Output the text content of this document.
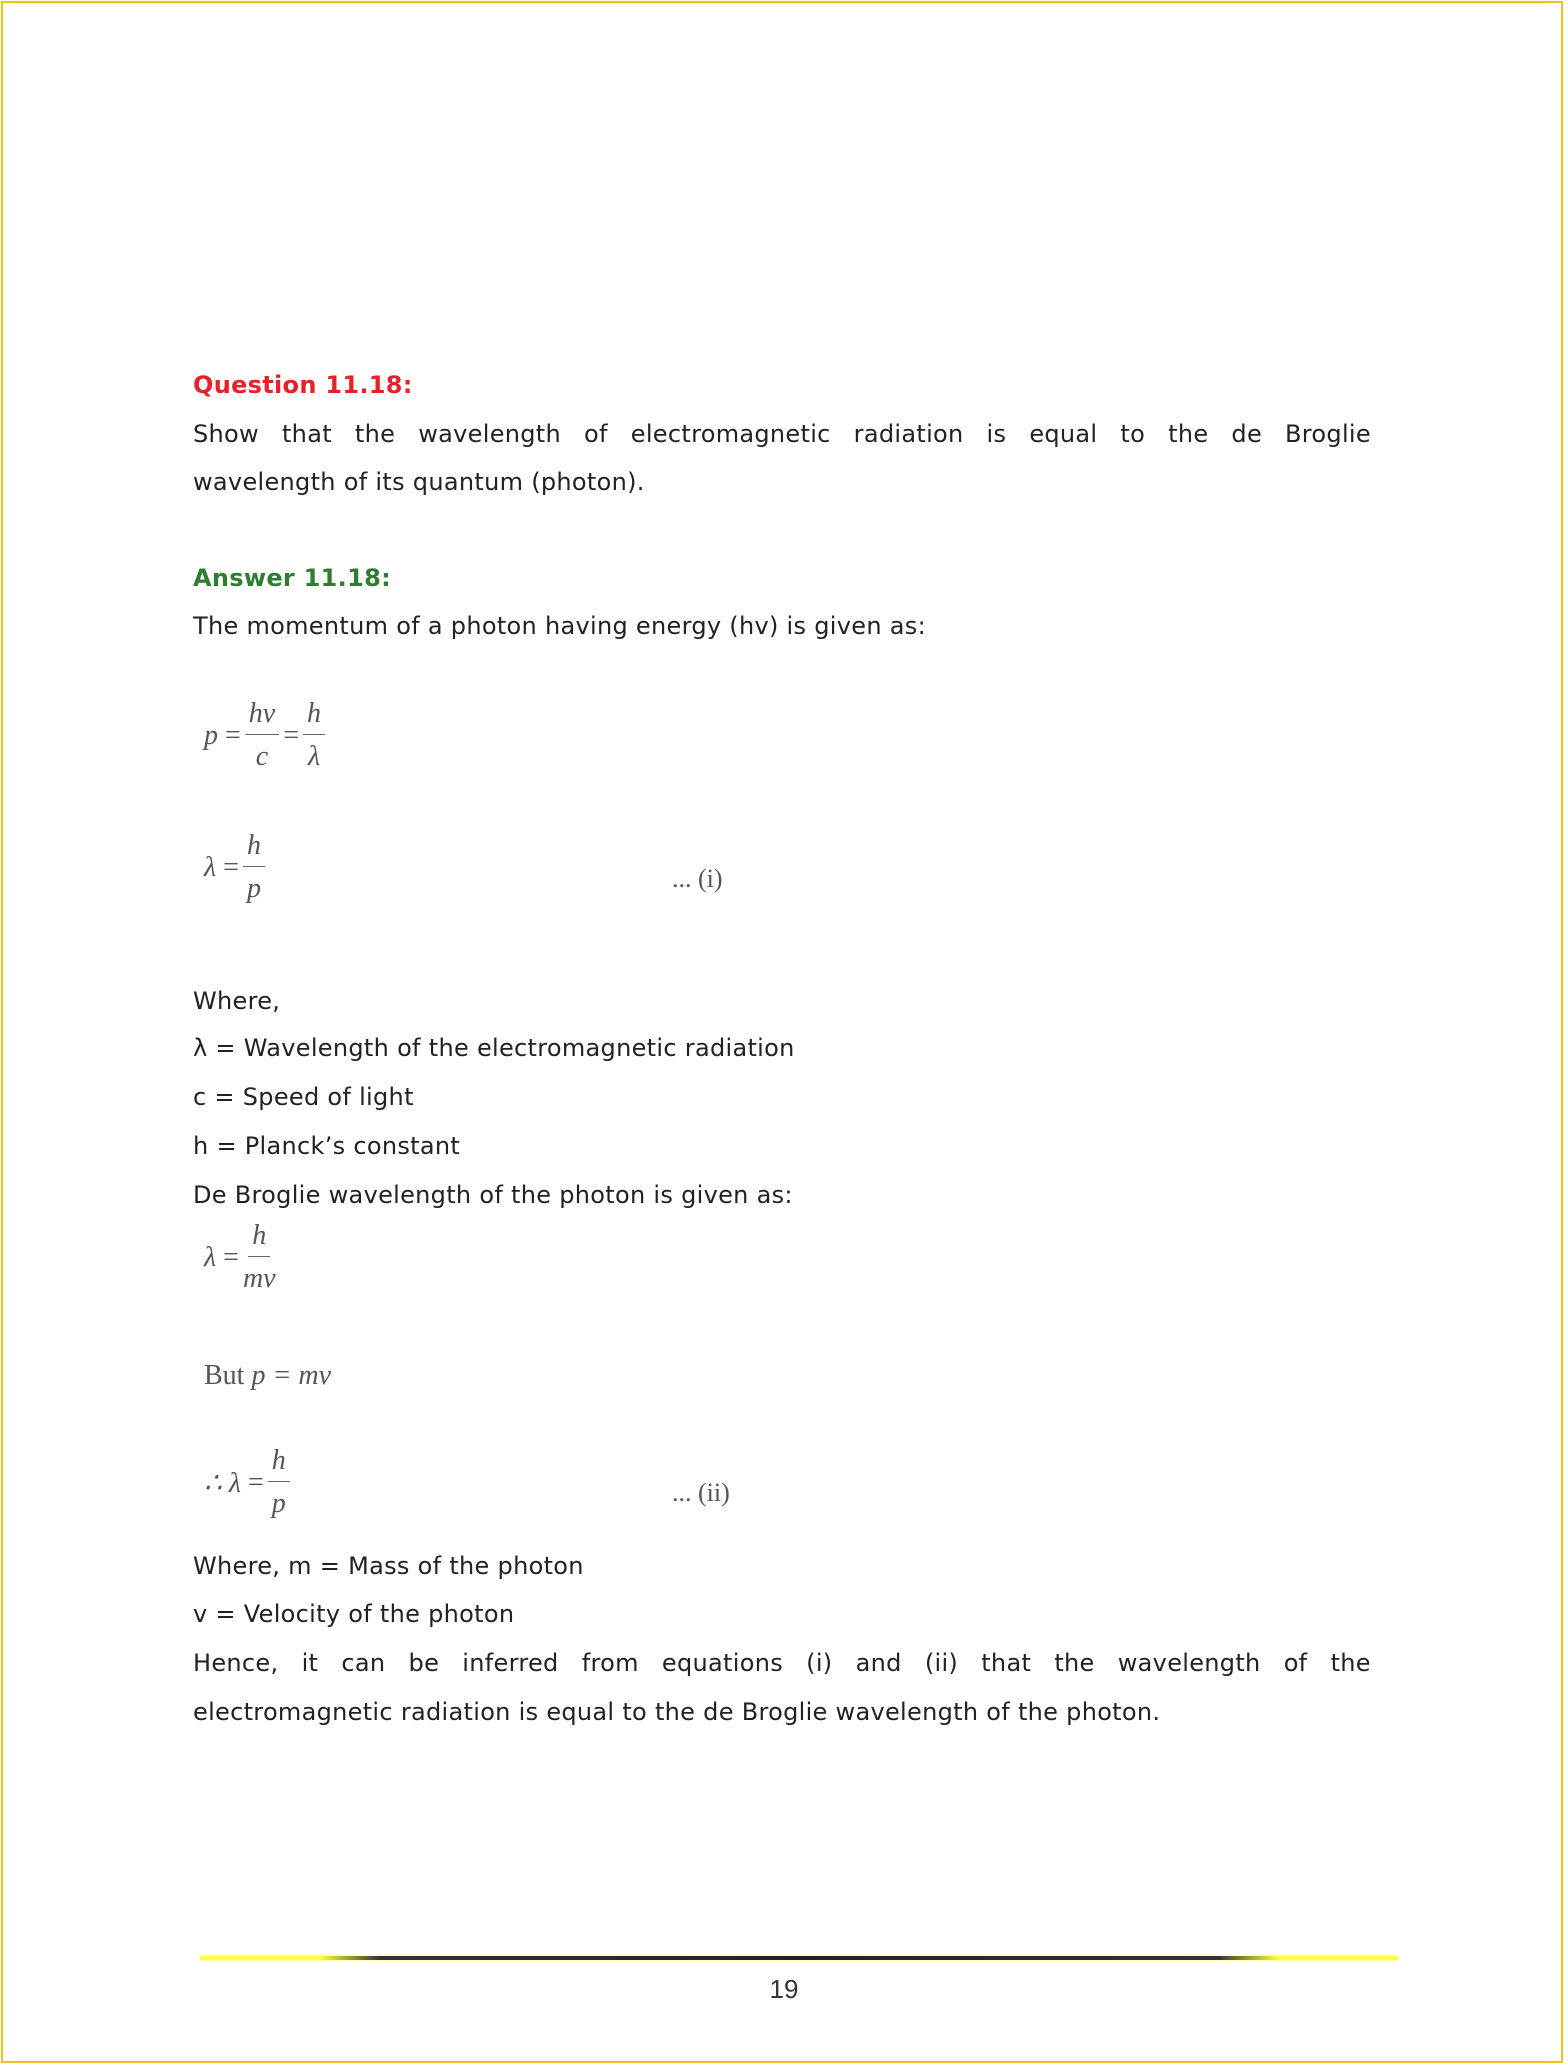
Question 11.18:
Show that the wavelength of electromagnetic radiation is equal to the de Broglie
wavelength of its quantum (photon).
Answer 11.18:
The momentum of a photon having energy (hv) is given as:
$p = \frac{h\nu}{c} = \frac{h}{\lambda}$
$\lambda = \frac{h}{p}$	... (i)
Where,
λ = Wavelength of the electromagnetic radiation
c = Speed of light
h = Planck’s constant
De Broglie wavelength of the photon is given as:
$\lambda = \frac{h}{mv}$
But
p = mv
∴ $\lambda = \frac{h}{p}$	... (ii)
Where, m = Mass of the photon
v = Velocity of the photon
Hence, it can be inferred from equations (i) and (ii) that the wavelength of the
electromagnetic radiation is equal to the de Broglie wavelength of the photon.
19
